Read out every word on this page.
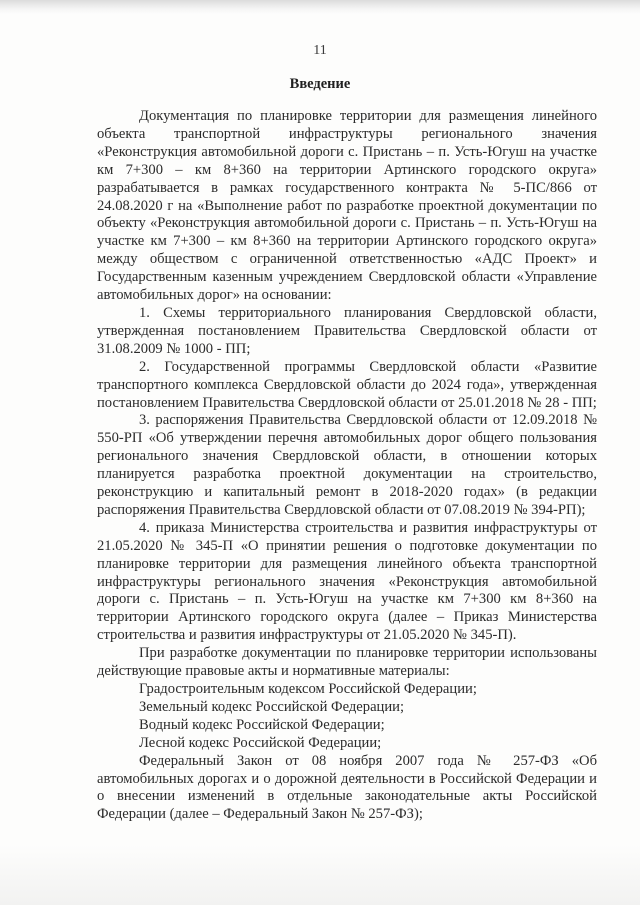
11
Введение

Документация по планировке территории для размещения линейного объекта транспортной инфраструктуры регионального значения «Реконструкция автомобильной дороги с. Пристань – п. Усть-Югуш на участке км 7+300 – км 8+360 на территории Артинского городского округа» разрабатывается в рамках государственного контракта № 5-ПС/866 от 24.08.2020 г на «Выполнение работ по разработке проектной документации по объекту «Реконструкция автомобильной дороги с. Пристань – п. Усть-Югуш на участке км 7+300 – км 8+360 на территории Артинского городского округа» между обществом с ограниченной ответственностью «АДС Проект» и Государственным казенным учреждением Свердловской области «Управление автомобильных дорог» на основании:

1. Схемы территориального планирования Свердловской области, утвержденная постановлением Правительства Свердловской области от 31.08.2009 № 1000 - ПП;

2. Государственной программы Свердловской области «Развитие транспортного комплекса Свердловской области до 2024 года», утвержденная постановлением Правительства Свердловской области от 25.01.2018 № 28 - ПП;

3. распоряжения Правительства Свердловской области от 12.09.2018 № 550-РП «Об утверждении перечня автомобильных дорог общего пользования регионального значения Свердловской области, в отношении которых планируется разработка проектной документации на строительство, реконструкцию и капитальный ремонт в 2018-2020 годах» (в редакции распоряжения Правительства Свердловской области от 07.08.2019 № 394-РП);

4. приказа Министерства строительства и развития инфраструктуры от 21.05.2020 № 345-П «О принятии решения о подготовке документации по планировке территории для размещения линейного объекта транспортной инфраструктуры регионального значения «Реконструкция автомобильной дороги с. Пристань – п. Усть-Югуш на участке км 7+300 км 8+360 на территории Артинского городского округа (далее – Приказ Министерства строительства и развития инфраструктуры от 21.05.2020 № 345-П).

При разработке документации по планировке территории использованы действующие правовые акты и нормативные материалы:

Градостроительным кодексом Российской Федерации;

Земельный кодекс Российской Федерации;

Водный кодекс Российской Федерации;

Лесной кодекс Российской Федерации;

Федеральный Закон от 08 ноября 2007 года № 257-ФЗ «Об автомобильных дорогах и о дорожной деятельности в Российской Федерации и о внесении изменений в отдельные законодательные акты Российской Федерации (далее – Федеральный Закон № 257-ФЗ);
